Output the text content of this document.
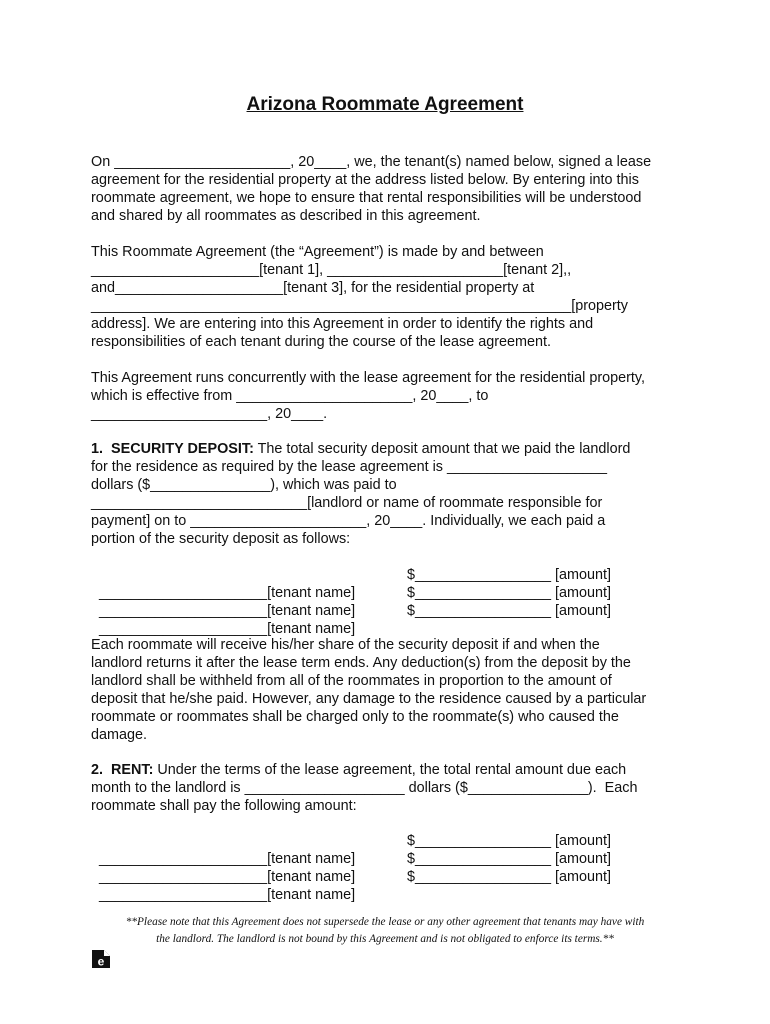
Arizona Roommate Agreement

On ______________________, 20____, we, the tenant(s) named below, signed a lease

agreement for the residential property at the address listed below. By entering into this

roommate agreement, we hope to ensure that rental responsibilities will be understood

and shared by all roommates as described in this agreement.

This Roommate Agreement (the “Agreement”) is made by and between

_____________________[tenant 1], ______________________[tenant 2],,

and_____________________[tenant 3], for the residential property at

____________________________________________________________[property

address]. We are entering into this Agreement in order to identify the rights and

responsibilities of each tenant during the course of the lease agreement.

This Agreement runs concurrently with the lease agreement for the residential property,

which is effective from ______________________, 20____, to

______________________, 20____.

1.  SECURITY DEPOSIT: The total security deposit amount that we paid the landlord

for the residence as required by the lease agreement is ____________________

dollars ($_______________), which was paid to

___________________________[landlord or name of roommate responsible for

payment] on to ______________________, 20____. Individually, we each paid a

portion of the security deposit as follows:

_____________________[tenant name]

$_________________ [amount]

_____________________[tenant name]

$_________________ [amount]

_____________________[tenant name]

$_________________ [amount]

Each roommate will receive his/her share of the security deposit if and when the

landlord returns it after the lease term ends. Any deduction(s) from the deposit by the

landlord shall be withheld from all of the roommates in proportion to the amount of

deposit that he/she paid. However, any damage to the residence caused by a particular

roommate or roommates shall be charged only to the roommate(s) who caused the

damage.

2.  RENT: Under the terms of the lease agreement, the total rental amount due each

month to the landlord is ____________________ dollars ($_______________).  Each

roommate shall pay the following amount:

_____________________[tenant name]

$_________________ [amount]

_____________________[tenant name]

$_________________ [amount]

_____________________[tenant name]

$_________________ [amount]

**Please note that this Agreement does not supersede the lease or any other agreement that tenants may have with
the landlord. The landlord is not bound by this Agreement and is not obligated to enforce its terms.**
e
